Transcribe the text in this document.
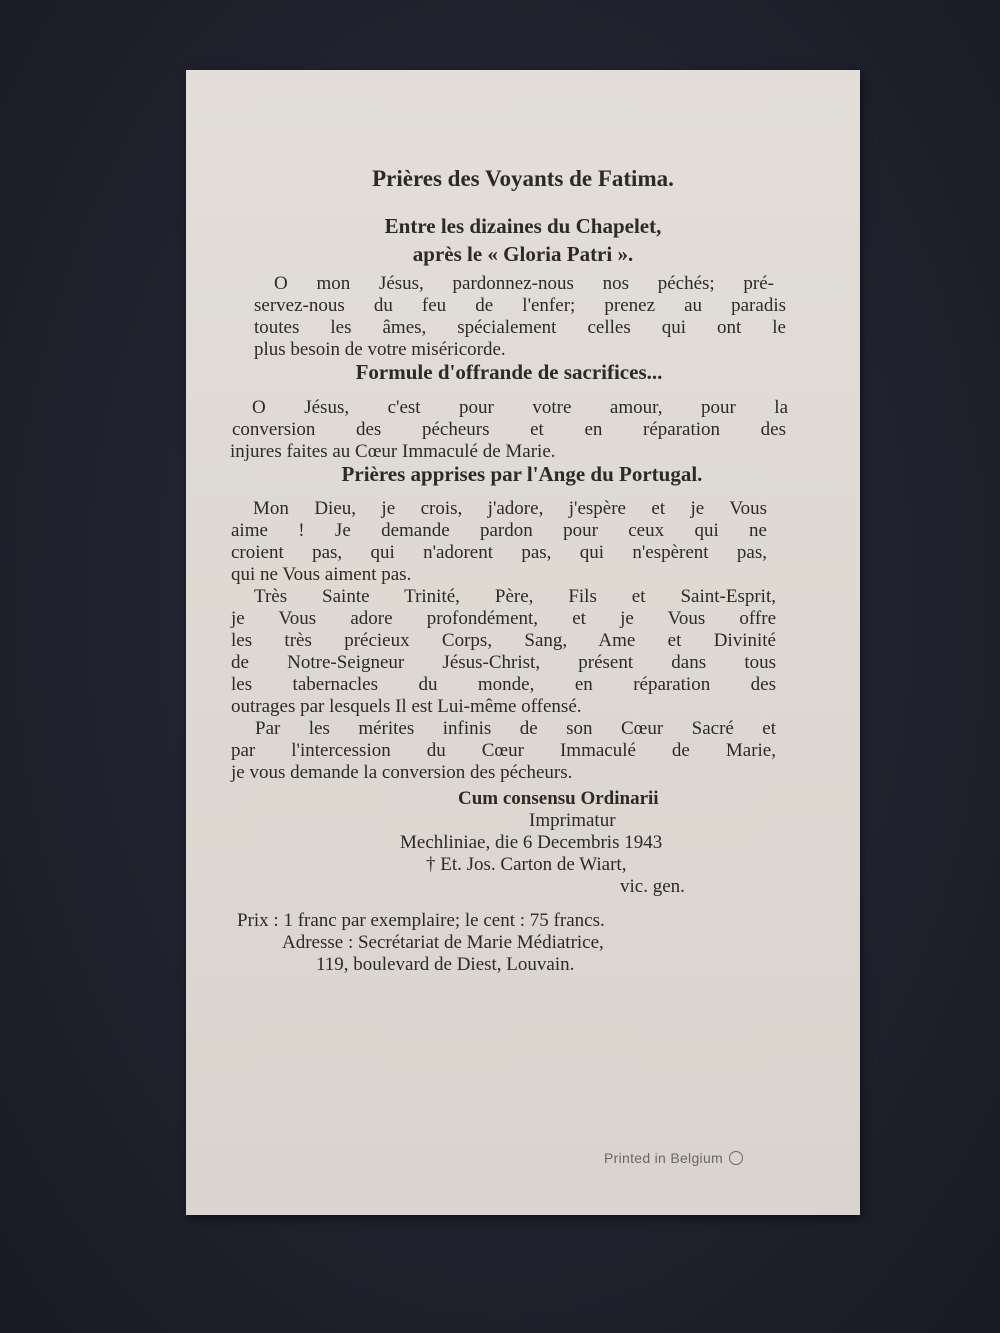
Prières des Voyants de Fatima.
Entre les dizaines du Chapelet,
après le « Gloria Patri ».
O mon Jésus, pardonnez-nous nos péchés; pré-
servez-nous du feu de l'enfer; prenez au paradis
toutes les âmes, spécialement celles qui ont le
plus besoin de votre miséricorde.
Formule d'offrande de sacrifices...
O Jésus, c'est pour votre amour, pour la
conversion des pécheurs et en réparation des
injures faites au Cœur Immaculé de Marie.
Prières apprises par l'Ange du Portugal.
Mon Dieu, je crois, j'adore, j'espère et je Vous
aime ! Je demande pardon pour ceux qui ne
croient pas, qui n'adorent pas, qui n'espèrent pas,
qui ne Vous aiment pas.
Très Sainte Trinité, Père, Fils et Saint-Esprit,
je Vous adore profondément, et je Vous offre
les très précieux Corps, Sang, Ame et Divinité
de Notre-Seigneur Jésus-Christ, présent dans tous
les tabernacles du monde, en réparation des
outrages par lesquels Il est Lui-même offensé.
Par les mérites infinis de son Cœur Sacré et
par l'intercession du Cœur Immaculé de Marie,
je vous demande la conversion des pécheurs.
Cum consensu Ordinarii
Imprimatur
Mechliniae, die 6 Decembris 1943
† Et. Jos. Carton de Wiart,
vic. gen.
Prix : 1 franc par exemplaire; le cent : 75 francs.
Adresse : Secrétariat de Marie Médiatrice,
119, boulevard de Diest, Louvain.
Printed in Belgium
